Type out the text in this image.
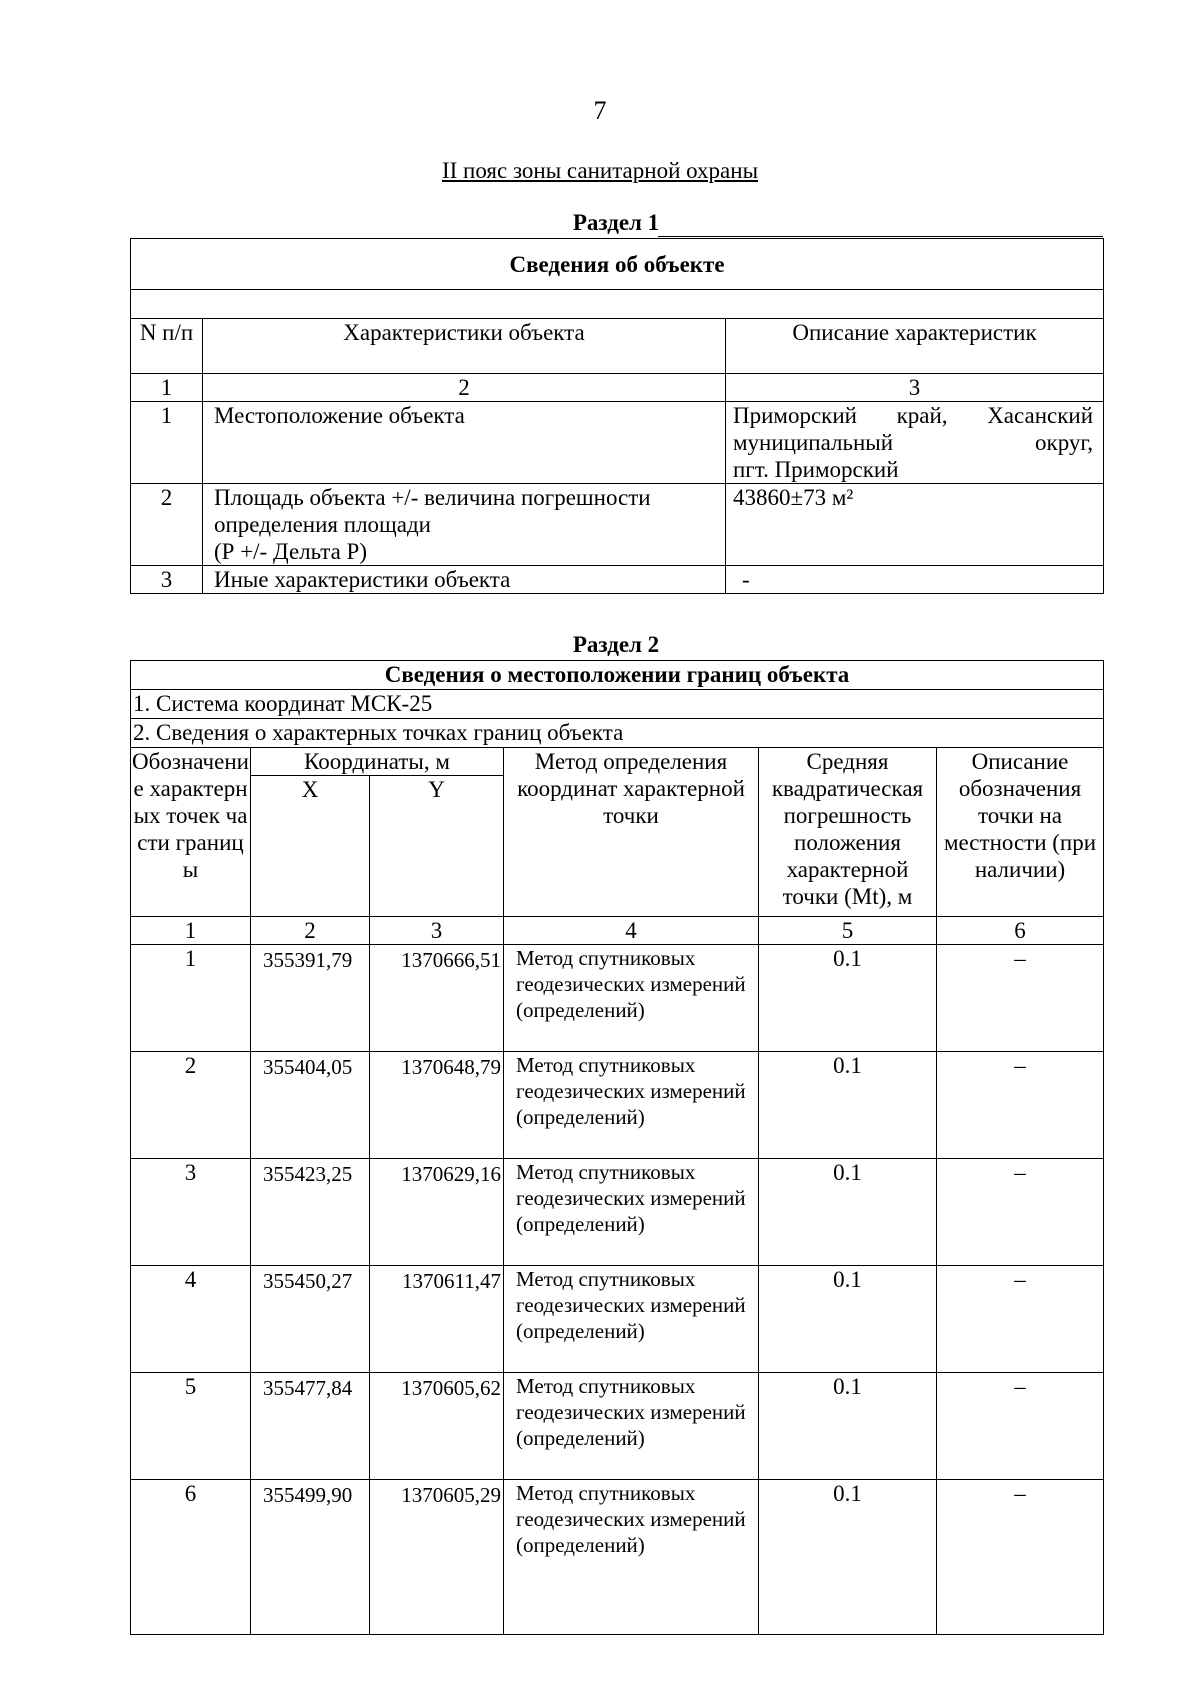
7
II пояс зоны санитарной охраны
Раздел 1
Сведения об объекте		

N п/п	Характеристики объекта	Описание характеристик
1	2	3
1	Местоположение объекта	Приморский край, Хасанский
муниципальный округ,
пгт. Приморский

2	Площадь объекта +/- величина погрешности
определения площади
(Р +/- Дельта Р)	43860±73 м²
3	Иные характеристики объекта	-
Раздел 2
Сведения о местоположении границ объекта					
1. Система координат МСК-25					
2. Сведения о характерных точках границ объекта					
Обозначение характерных точек части границы	Координаты, м		Метод определения координат характерной точки	Средняя квадратическая погрешность положения характерной точки (Mt), м	Описание обозначения точки на местности (при наличии)
	X	Y			
1	2	3	4	5	6
1	355391,79	1370666,51	Метод спутниковых геодезических измерений (определений)	0.1	–
2	355404,05	1370648,79	Метод спутниковых геодезических измерений (определений)	0.1	–
3	355423,25	1370629,16	Метод спутниковых геодезических измерений (определений)	0.1	–
4	355450,27	1370611,47	Метод спутниковых геодезических измерений (определений)	0.1	–
5	355477,84	1370605,62	Метод спутниковых геодезических измерений (определений)	0.1	–
6	355499,90	1370605,29	Метод спутниковых геодезических измерений (определений)	0.1	–
